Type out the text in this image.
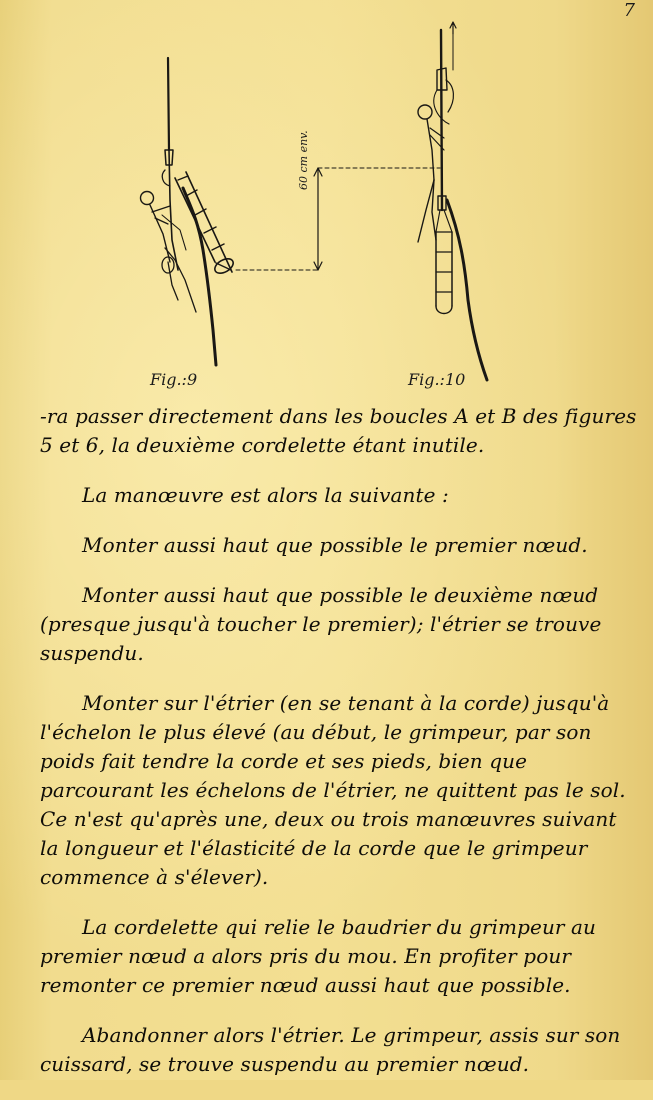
7
60 cm env.
Fig.:9	Fig.:10

-ra passer directement dans les boucles A et B des figures 5 et 6, la deuxième cordelette étant inutile.

La manœuvre est alors la suivante :

Monter aussi haut que possible le premier nœud.

Monter aussi haut que possible le deuxième nœud (presque jusqu'à toucher le premier); l'étrier se trouve suspendu.

Monter sur l'étrier (en se tenant à la corde) jusqu'à l'échelon le plus élevé (au début, le grimpeur, par son poids fait tendre la corde et ses pieds, bien que parcourant les échelons de l'étrier, ne quittent pas le sol. Ce n'est qu'après une, deux ou trois manœuvres suivant la longueur et l'élasticité de la corde que le grimpeur commence à s'élever).

La cordelette qui relie le baudrier du grimpeur au premier nœud a alors pris du mou. En profiter pour remonter ce premier nœud aussi haut que possible.

Abandonner alors l'étrier. Le grimpeur, assis sur son cuissard, se trouve suspendu au premier nœud.
